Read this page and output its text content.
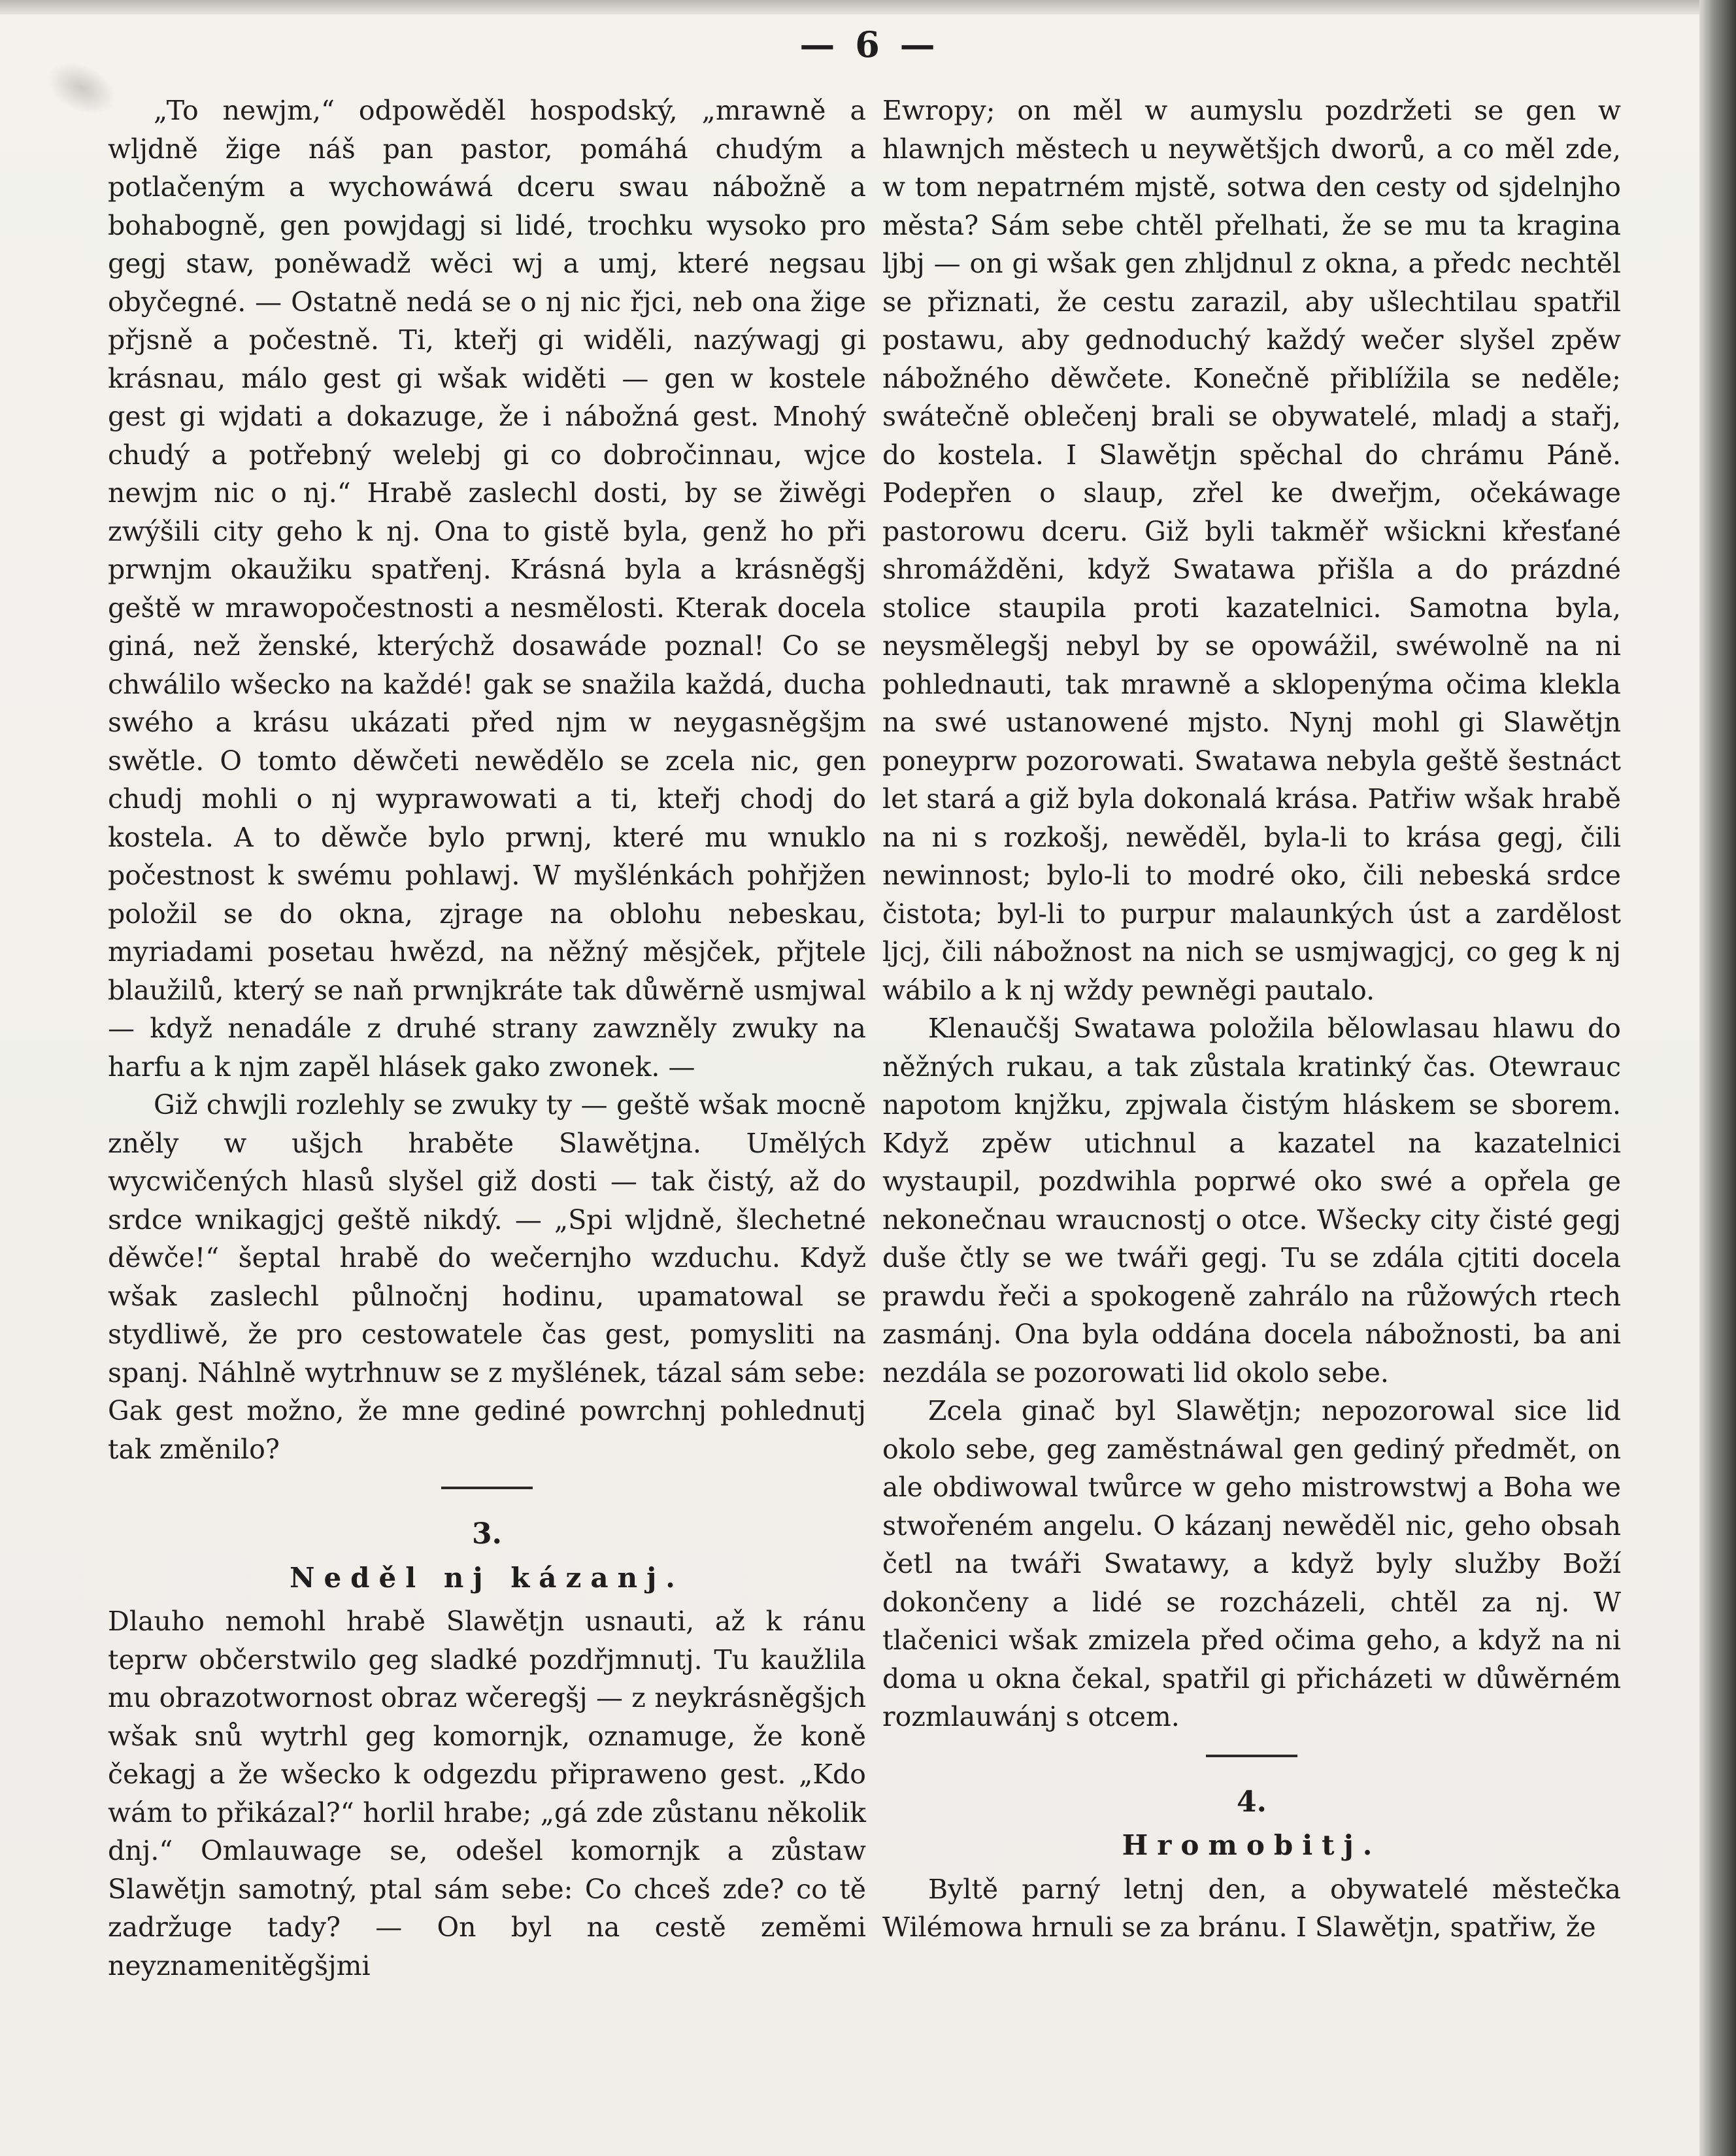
— 6 —

„To newjm,“ odpowěděl hospodský, „mrawně a wljdně žige náš pan pastor, pomáhá chudým a potlačeným a wychowáwá dceru swau nábožně a bohabogně, gen powjdagj si lidé, trochku wysoko pro gegj staw, poněwadž wěci wj a umj, které negsau obyčegné. — Ostatně nedá se o nj nic řjci, neb ona žige přjsně a počestně. Ti, kteřj gi widěli, nazýwagj gi krásnau, málo gest gi wšak widěti — gen w kostele gest gi wjdati a dokazuge, že i nábožná gest. Mnohý chudý a potřebný welebj gi co dobročinnau, wjce newjm nic o nj.“ Hrabě zaslechl dosti, by se žiwěgi zwýšili city geho k nj. Ona to gistě byla, genž ho při prwnjm okaužiku spatřenj. Krásná byla a krásněgšj geště w mrawopočestnosti a nesmělosti. Kterak docela giná, než ženské, kterýchž dosawáde poznal! Co se chwálilo wšecko na každé! gak se snažila každá, ducha swého a krásu ukázati před njm w neygasněgšjm swětle. O tomto děwčeti newědělo se zcela nic, gen chudj mohli o nj wyprawowati a ti, kteřj chodj do kostela. A to děwče bylo prwnj, které mu wnuklo počestnost k swému pohlawj. W myšlénkách pohřjžen položil se do okna, zjrage na oblohu nebeskau, myriadami posetau hwězd, na něžný měsjček, přjtele blaužilů, který se naň prwnjkráte tak důwěrně usmjwal — když nenadále z druhé strany zawzněly zwuky na harfu a k njm zapěl hlásek gako zwonek. —

Giž chwjli rozlehly se zwuky ty — geště wšak mocně zněly w ušjch hraběte Slawětjna. Umělých wycwičených hlasů slyšel giž dosti — tak čistý, až do srdce wnikagjcj geště nikdý. — „Spi wljdně, šlechetné děwče!“ šeptal hrabě do wečernjho wzduchu. Když wšak zaslechl půlnočnj hodinu, upamatowal se stydliwě, že pro cestowatele čas gest, pomysliti na spanj. Náhlně wytrhnuw se z myšlének, tázal sám sebe: Gak gest možno, že mne gediné powrchnj pohlednutj tak změnilo?

3.
Neděl nj kázanj.

Dlauho nemohl hrabě Slawětjn usnauti, až k ránu teprw občerstwilo geg sladké pozdřjmnutj. Tu kaužlila mu obrazotwornost obraz wčeregšj — z neykrásněgšjch wšak snů wytrhl geg komornjk, oznamuge, že koně čekagj a že wšecko k odgezdu připraweno gest. „Kdo wám to přikázal?“ horlil hrabe; „gá zde zůstanu několik dnj.“ Omlauwage se, odešel komornjk a zůstaw Slawětjn samotný, ptal sám sebe: Co chceš zde? co tě zadržuge tady? — On byl na cestě zeměmi neyznamenitěgšjmi

Ewropy; on měl w aumyslu pozdržeti se gen w hlawnjch městech u neywětšjch dworů, a co měl zde, w tom nepatrném mjstě, sotwa den cesty od sjdelnjho města? Sám sebe chtěl přelhati, že se mu ta kragina ljbj — on gi wšak gen zhljdnul z okna, a předc nechtěl se přiznati, že cestu zarazil, aby ušlechtilau spatřil postawu, aby gednoduchý každý wečer slyšel zpěw nábožného děwčete. Konečně přiblížila se neděle; swátečně oblečenj brali se obywatelé, mladj a stařj, do kostela. I Slawětjn spěchal do chrámu Páně. Podepřen o slaup, zřel ke dweřjm, očekáwage pastorowu dceru. Giž byli takměř wšickni křesťané shromážděni, když Swatawa přišla a do prázdné stolice staupila proti kazatelnici. Samotna byla, neysmělegšj nebyl by se opowážil, swéwolně na ni pohlednauti, tak mrawně a sklopenýma očima klekla na swé ustanowené mjsto. Nynj mohl gi Slawětjn poneyprw pozorowati. Swatawa nebyla geště šestnáct let stará a giž byla dokonalá krása. Patřiw wšak hrabě na ni s rozkošj, newěděl, byla-li to krása gegj, čili newinnost; bylo-li to modré oko, čili nebeská srdce čistota; byl-li to purpur malaunkých úst a zardělost ljcj, čili nábožnost na nich se usmjwagjcj, co geg k nj wábilo a k nj wždy pewněgi pautalo.

Klenaučšj Swatawa položila bělowlasau hlawu do něžných rukau, a tak zůstala kratinký čas. Otewrauc napotom knjžku, zpjwala čistým hláskem se sborem. Když zpěw utichnul a kazatel na kazatelnici wystaupil, pozdwihla poprwé oko swé a opřela ge nekonečnau wraucnostj o otce. Wšecky city čisté gegj duše čtly se we twáři gegj. Tu se zdála cjtiti docela prawdu řeči a spokogeně zahrálo na růžowých rtech zasmánj. Ona byla oddána docela nábožnosti, ba ani nezdála se pozorowati lid okolo sebe.

Zcela ginač byl Slawětjn; nepozorowal sice lid okolo sebe, geg zaměstnáwal gen gediný předmět, on ale obdiwowal twůrce w geho mistrowstwj a Boha we stwořeném angelu. O kázanj newěděl nic, geho obsah četl na twáři Swatawy, a když byly služby Boží dokončeny a lidé se rozcházeli, chtěl za nj. W tlačenici wšak zmizela před očima geho, a když na ni doma u okna čekal, spatřil gi přicházeti w důwěrném rozmlauwánj s otcem.

4.
Hromobitj.

Byltě parný letnj den, a obywatelé městečka Wilémowa hrnuli se za bránu. I Slawětjn, spatřiw, že
